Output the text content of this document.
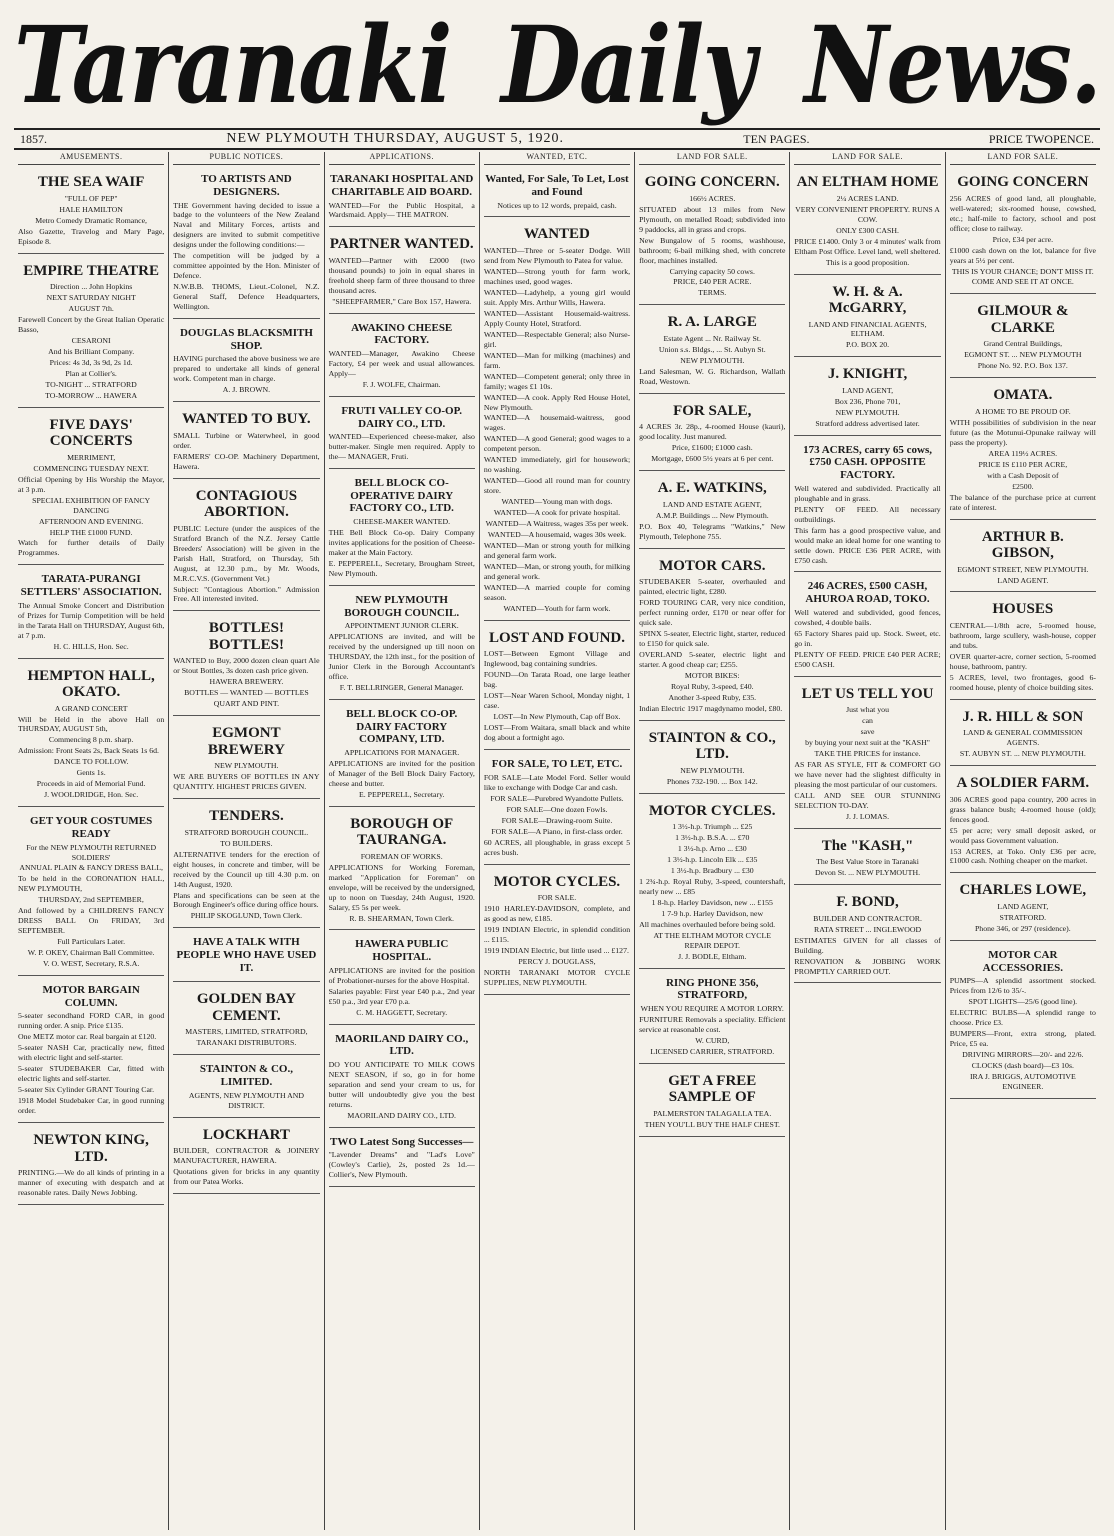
Taranaki Daily News.
1857.	NEW PLYMOUTH THURSDAY, AUGUST 5, 1920.	TEN PAGES.	PRICE TWOPENCE.
AMUSEMENTS.
THE SEA WAIF

"FULL OF PEP"

HALE HAMILTON

Metro Comedy Dramatic Romance,

Also Gazette, Travelog and Mary Page, Episode 8.

EMPIRE THEATRE

Direction ... John Hopkins

NEXT SATURDAY NIGHT

AUGUST 7th.

Farewell Concert by the Great Italian Operatic Basso,

CESARONI

And his Brilliant Company.

Prices: 4s 3d, 3s 9d, 2s 1d.

Plan at Collier's.

TO-NIGHT ... STRATFORD

TO-MORROW ... HAWERA

FIVE DAYS' CONCERTS

MERRIMENT,

COMMENCING TUESDAY NEXT.

Official Opening by His Worship the Mayor, at 3 p.m.

SPECIAL EXHIBITION OF FANCY DANCING

AFTERNOON AND EVENING.

HELP THE £1000 FUND.

Watch for further details of Daily Programmes.

TARATA-PURANGI SETTLERS' ASSOCIATION.

The Annual Smoke Concert and Distribution of Prizes for Turnip Competition will be held in the Tarata Hall on THURSDAY, August 6th, at 7 p.m.

H. C. HILLS, Hon. Sec.

HEMPTON HALL, OKATO.

A GRAND CONCERT

Will be Held in the above Hall on THURSDAY, AUGUST 5th,

Commencing 8 p.m. sharp.

Admission: Front Seats 2s, Back Seats 1s 6d.

DANCE TO FOLLOW.

Gents 1s.

Proceeds in aid of Memorial Fund.

J. WOOLDRIDGE, Hon. Sec.

GET YOUR COSTUMES READY

For the NEW PLYMOUTH RETURNED SOLDIERS'

ANNUAL PLAIN & FANCY DRESS BALL,

To be held in the CORONATION HALL, NEW PLYMOUTH,

THURSDAY, 2nd SEPTEMBER,

And followed by a CHILDREN'S FANCY DRESS BALL On FRIDAY, 3rd SEPTEMBER.

Full Particulars Later.

W. P. OKEY, Chairman Ball Committee.

V. O. WEST, Secretary, R.S.A.

MOTOR BARGAIN COLUMN.

5-seater secondhand FORD CAR, in good running order. A snip. Price £135.

One METZ motor car. Real bargain at £120.

5-seater NASH Car, practically new, fitted with electric light and self-starter.

5-seater STUDEBAKER Car, fitted with electric lights and self-starter.

5-seater Six Cylinder GRANT Touring Car.

1918 Model Studebaker Car, in good running order.

NEWTON KING, LTD.

PRINTING.—We do all kinds of printing in a manner of executing with despatch and at reasonable rates. Daily News Jobbing.

PUBLIC NOTICES.
TO ARTISTS AND DESIGNERS.

THE Government having decided to issue a badge to the volunteers of the New Zealand Naval and Military Forces, artists and designers are invited to submit competitive designs under the following conditions:—

The competition will be judged by a committee appointed by the Hon. Minister of Defence.

N.W.B.B. THOMS, Lieut.-Colonel, N.Z. General Staff, Defence Headquarters, Wellington.

DOUGLAS BLACKSMITH SHOP.

HAVING purchased the above business we are prepared to undertake all kinds of general work. Competent man in charge.

A. J. BROWN.

WANTED TO BUY.

SMALL Turbine or Waterwheel, in good order.

FARMERS' CO-OP. Machinery Department, Hawera.

CONTAGIOUS ABORTION.

PUBLIC Lecture (under the auspices of the Stratford Branch of the N.Z. Jersey Cattle Breeders' Association) will be given in the Parish Hall, Stratford, on Thursday, 5th August, at 12.30 p.m., by Mr. Woods, M.R.C.V.S. (Government Vet.)

Subject: "Contagious Abortion." Admission Free. All interested invited.

BOTTLES! BOTTLES!

WANTED to Buy, 2000 dozen clean quart Ale or Stout Bottles, 3s dozen cash price given.

HAWERA BREWERY.

BOTTLES — WANTED — BOTTLES

QUART AND PINT.

EGMONT BREWERY

NEW PLYMOUTH.

WE ARE BUYERS OF BOTTLES IN ANY QUANTITY. HIGHEST PRICES GIVEN.

TENDERS.

STRATFORD BOROUGH COUNCIL.

TO BUILDERS.

ALTERNATIVE tenders for the erection of eight houses, in concrete and timber, will be received by the Council up till 4.30 p.m. on 14th August, 1920.

Plans and specifications can be seen at the Borough Engineer's office during office hours.

PHILIP SKOGLUND, Town Clerk.

HAVE A TALK WITH PEOPLE WHO HAVE USED IT.
GOLDEN BAY CEMENT.

MASTERS, LIMITED, STRATFORD,

TARANAKI DISTRIBUTORS.

STAINTON & CO., LIMITED.

AGENTS, NEW PLYMOUTH AND DISTRICT.

LOCKHART

BUILDER, CONTRACTOR & JOINERY MANUFACTURER, HAWERA.

Quotations given for bricks in any quantity from our Patea Works.

APPLICATIONS.
TARANAKI HOSPITAL AND CHARITABLE AID BOARD.

WANTED—For the Public Hospital, a Wardsmaid. Apply— THE MATRON.

PARTNER WANTED.

WANTED—Partner with £2000 (two thousand pounds) to join in equal shares in freehold sheep farm of three thousand to three thousand acres.

"SHEEPFARMER," Care Box 157, Hawera.

AWAKINO CHEESE FACTORY.

WANTED—Manager, Awakino Cheese Factory, £4 per week and usual allowances. Apply—

F. J. WOLFE, Chairman.

FRUTI VALLEY CO-OP. DAIRY CO., LTD.

WANTED—Experienced cheese-maker, also butter-maker. Single men required. Apply to the— MANAGER, Fruti.

BELL BLOCK CO-OPERATIVE DAIRY FACTORY CO., LTD.

CHEESE-MAKER WANTED.

THE Bell Block Co-op. Dairy Company invites applications for the position of Cheese-maker at the Main Factory.

E. PEPPERELL, Secretary, Brougham Street, New Plymouth.

NEW PLYMOUTH BOROUGH COUNCIL.

APPOINTMENT JUNIOR CLERK.

APPLICATIONS are invited, and will be received by the undersigned up till noon on THURSDAY, the 12th inst., for the position of Junior Clerk in the Borough Accountant's office.

F. T. BELLRINGER, General Manager.

BELL BLOCK CO-OP. DAIRY FACTORY COMPANY, LTD.

APPLICATIONS FOR MANAGER.

APPLICATIONS are invited for the position of Manager of the Bell Block Dairy Factory, cheese and butter.

E. PEPPERELL, Secretary.

BOROUGH OF TAURANGA.

FOREMAN OF WORKS.

APPLICATIONS for Working Foreman, marked "Application for Foreman" on envelope, will be received by the undersigned, up to noon on Tuesday, 24th August, 1920. Salary, £5 5s per week.

R. B. SHEARMAN, Town Clerk.

HAWERA PUBLIC HOSPITAL.

APPLICATIONS are invited for the position of Probationer-nurses for the above Hospital.

Salaries payable: First year £40 p.a., 2nd year £50 p.a., 3rd year £70 p.a.

C. M. HAGGETT, Secretary.

MAORILAND DAIRY CO., LTD.

DO YOU ANTICIPATE TO MILK COWS NEXT SEASON, if so, go in for home separation and send your cream to us, for butter will undoubtedly give you the best returns.

MAORILAND DAIRY CO., LTD.

TWO Latest Song Successes—

"Lavender Dreams" and "Lad's Love" (Cowley's Carlie), 2s, posted 2s 1d.—Collier's, New Plymouth.

WANTED, ETC.
Wanted, For Sale, To Let, Lost and Found

Notices up to 12 words, prepaid, cash.

WANTED

WANTED—Three or 5-seater Dodge. Will send from New Plymouth to Patea for value.

WANTED—Strong youth for farm work, machines used, good wages.

WANTED—Ladyhelp, a young girl would suit. Apply Mrs. Arthur Wills, Hawera.

WANTED—Assistant Housemaid-waitress. Apply County Hotel, Stratford.

WANTED—Respectable General; also Nurse-girl.

WANTED—Man for milking (machines) and farm.

WANTED—Competent general; only three in family; wages £1 10s.

WANTED—A cook. Apply Red House Hotel, New Plymouth.

WANTED—A housemaid-waitress, good wages.

WANTED—A good General; good wages to a competent person.

WANTED immediately, girl for housework; no washing.

WANTED—Good all round man for country store.

WANTED—Young man with dogs.

WANTED—A cook for private hospital.

WANTED—A Waitress, wages 35s per week.

WANTED—A housemaid, wages 30s week.

WANTED—Man or strong youth for milking and general farm work.

WANTED—Man, or strong youth, for milking and general work.

WANTED—A married couple for coming season.

WANTED—Youth for farm work.

LOST AND FOUND.

LOST—Between Egmont Village and Inglewood, bag containing sundries.

FOUND—On Tarata Road, one large leather bag.

LOST—Near Waren School, Monday night, 1 case.

LOST—In New Plymouth, Cap off Box.

LOST—From Waitara, small black and white dog about a fortnight ago.

FOR SALE, TO LET, ETC.

FOR SALE—Late Model Ford. Seller would like to exchange with Dodge Car and cash.

FOR SALE—Purebred Wyandotte Pullets.

FOR SALE—One dozen Fowls.

FOR SALE—Drawing-room Suite.

FOR SALE—A Piano, in first-class order.

60 ACRES, all ploughable, in grass except 5 acres bush.

MOTOR CYCLES.

FOR SALE.

1910 HARLEY-DAVIDSON, complete, and as good as new, £185.

1919 INDIAN Electric, in splendid condition ... £115.

1919 INDIAN Electric, but little used ... £127.

PERCY J. DOUGLASS,

NORTH TARANAKI MOTOR CYCLE SUPPLIES, NEW PLYMOUTH.

LAND FOR SALE.
GOING CONCERN.

166½ ACRES.

SITUATED about 13 miles from New Plymouth, on metalled Road; subdivided into 9 paddocks, all in grass and crops.

New Bungalow of 5 rooms, washhouse, bathroom; 6-bail milking shed, with concrete floor, machines installed.

Carrying capacity 50 cows.

PRICE, £40 PER ACRE.

TERMS.

R. A. LARGE

Estate Agent ... Nr. Railway St.

Union s.s. Bldgs., ... St. Aubyn St.

NEW PLYMOUTH.

Land Salesman, W. G. Richardson, Wallath Road, Westown.

FOR SALE,

4 ACRES 3r. 28p., 4-roomed House (kauri), good locality. Just manured.

Price, £1600; £1000 cash.

Mortgage, £600 5½ years at 6 per cent.

A. E. WATKINS,

LAND AND ESTATE AGENT,

A.M.P. Buildings ... New Plymouth.

P.O. Box 40, Telegrams "Watkins," New Plymouth, Telephone 755.

MOTOR CARS.

STUDEBAKER 5-seater, overhauled and painted, electric light, £280.

FORD TOURING CAR, very nice condition, perfect running order, £170 or near offer for quick sale.

SPINX 5-seater, Electric light, starter, reduced to £150 for quick sale.

OVERLAND 5-seater, electric light and starter. A good cheap car; £255.

MOTOR BIKES:

Royal Ruby, 3-speed, £40.

Another 3-speed Ruby, £35.

Indian Electric 1917 magdynamo model, £80.

STAINTON & CO., LTD.

NEW PLYMOUTH.

Phones 732-190. ... Box 142.

MOTOR CYCLES.

1 3½-h.p. Triumph ... £25

1 3½-h.p. B.S.A. ... £70

1 3½-h.p. Arno ... £30

1 3½-h.p. Lincoln Elk ... £35

1 3½-h.p. Bradbury ... £30

1 2¾-h.p. Royal Ruby, 3-speed, countershaft, nearly new ... £85

1 8-h.p. Harley Davidson, new ... £155

1 7-9 h.p. Harley Davidson, new

All machines overhauled before being sold.

AT THE ELTHAM MOTOR CYCLE REPAIR DEPOT.

J. J. BODLE, Eltham.

RING PHONE 356, STRATFORD,

WHEN YOU REQUIRE A MOTOR LORRY.

FURNITURE Removals a speciality. Efficient service at reasonable cost.

W. CURD,

LICENSED CARRIER, STRATFORD.

GET A FREE SAMPLE OF

PALMERSTON TALAGALLA TEA.

THEN YOU'LL BUY THE HALF CHEST.

LAND FOR SALE.
AN ELTHAM HOME

2¼ ACRES LAND.

VERY CONVENIENT PROPERTY. RUNS A COW.

ONLY £300 CASH.

PRICE £1400. Only 3 or 4 minutes' walk from Eltham Post Office. Level land, well sheltered.

This is a good proposition.

W. H. & A. McGARRY,

LAND AND FINANCIAL AGENTS, ELTHAM.

P.O. BOX 20.

J. KNIGHT,

LAND AGENT,

Box 236, Phone 701,

NEW PLYMOUTH.

Stratford address advertised later.

173 ACRES, carry 65 cows, £750 CASH. OPPOSITE FACTORY.

Well watered and subdivided. Practically all ploughable and in grass.

PLENTY OF FEED. All necessary outbuildings.

This farm has a good prospective value, and would make an ideal home for one wanting to settle down. PRICE £36 PER ACRE, with £750 cash.

246 ACRES, £500 CASH, AHUROA ROAD, TOKO.

Well watered and subdivided, good fences, cowshed, 4 double bails.

65 Factory Shares paid up. Stock. Sweet, etc. go in.

PLENTY OF FEED. PRICE £40 PER ACRE; £500 CASH.

LET US TELL YOU

Just what you

can

save

by buying your next suit at the "KASH"

TAKE THE PRICES for instance.

AS FAR AS STYLE, FIT & COMFORT GO we have never had the slightest difficulty in pleasing the most particular of our customers.

CALL AND SEE OUR STUNNING SELECTION TO-DAY.

J. J. LOMAS.

The "KASH,"

The Best Value Store in Taranaki

Devon St. ... NEW PLYMOUTH.

F. BOND,

BUILDER AND CONTRACTOR.

RATA STREET ... INGLEWOOD

ESTIMATES GIVEN for all classes of Building.

RENOVATION & JOBBING WORK PROMPTLY CARRIED OUT.

LAND FOR SALE.
GOING CONCERN

256 ACRES of good land, all ploughable, well-watered; six-roomed house, cowshed, etc.; half-mile to factory, school and post office; close to railway.

Price, £34 per acre.

£1000 cash down on the lot, balance for five years at 5½ per cent.

THIS IS YOUR CHANCE; DON'T MISS IT.

COME AND SEE IT AT ONCE.

GILMOUR & CLARKE

Grand Central Buildings,

EGMONT ST. ... NEW PLYMOUTH

Phone No. 92. P.O. Box 137.

OMATA.

A HOME TO BE PROUD OF.

WITH possibilities of subdivision in the near future (as the Motunui-Opunake railway will pass the property).

AREA 119½ ACRES.

PRICE IS £110 PER ACRE,

with a Cash Deposit of

£2500.

The balance of the purchase price at current rate of interest.

ARTHUR B. GIBSON,

EGMONT STREET, NEW PLYMOUTH.

LAND AGENT.

HOUSES

CENTRAL—1/8th acre, 5-roomed house, bathroom, large scullery, wash-house, copper and tubs.

OVER quarter-acre, corner section, 5-roomed house, bathroom, pantry.

5 ACRES, level, two frontages, good 6-roomed house, plenty of choice building sites.

J. R. HILL & SON

LAND & GENERAL COMMISSION AGENTS.

ST. AUBYN ST. ... NEW PLYMOUTH.

A SOLDIER FARM.

306 ACRES good papa country, 200 acres in grass balance bush; 4-roomed house (old); fences good.

£5 per acre; very small deposit asked, or would pass Government valuation.

153 ACRES, at Toko. Only £36 per acre, £1000 cash. Nothing cheaper on the market.

CHARLES LOWE,

LAND AGENT,

STRATFORD.

Phone 346, or 297 (residence).

MOTOR CAR ACCESSORIES.

PUMPS—A splendid assortment stocked. Prices from 12/6 to 35/-.

SPOT LIGHTS—25/6 (good line).

ELECTRIC BULBS—A splendid range to choose. Price £3.

BUMPERS—Front, extra strong, plated. Price, £5 ea.

DRIVING MIRRORS—20/- and 22/6.

CLOCKS (dash board)—£3 10s.

IRA J. BRIGGS, AUTOMOTIVE ENGINEER.
